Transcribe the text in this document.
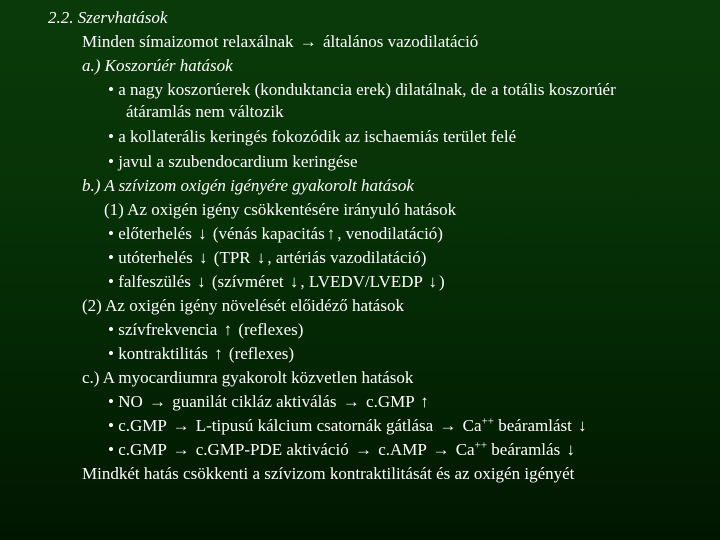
2.2. Szervhatások
Minden símaizomot relaxálnak → általános vazodilatáció
a.) Koszorúér hatások
• a nagy koszorúerek (konduktancia erek) dilatálnak, de a totális koszorúér
átáramlás nem változik
• a kollaterális keringés fokozódik az ischaemiás terület felé
• javul a szubendocardium keringése
b.) A szívizom oxigén igényére gyakorolt hatások
(1) Az oxigén igény csökkentésére irányuló hatások
• előterhelés ↓ (vénás kapacitás ↑ , venodilatáció)
• utóterhelés ↓ (TPR ↓ , artériás vazodilatáció)
• falfeszülés ↓ (szívméret ↓ , LVEDV/LVEDP ↓ )
(2) Az oxigén igény növelését előidéző hatások
• szívfrekvencia ↑ (reflexes)
• kontraktilitás ↑ (reflexes)
c.) A myocardiumra gyakorolt közvetlen hatások
• NO → guanilát cikláz aktiválás → c.GMP ↑
• c.GMP → L-tipusú kálcium csatornák gátlása → Ca++ beáramlást ↓
• c.GMP → c.GMP-PDE aktiváció → c.AMP → Ca++ beáramlás ↓
Mindkét hatás csökkenti a szívizom kontraktilitását és az oxigén igényét
